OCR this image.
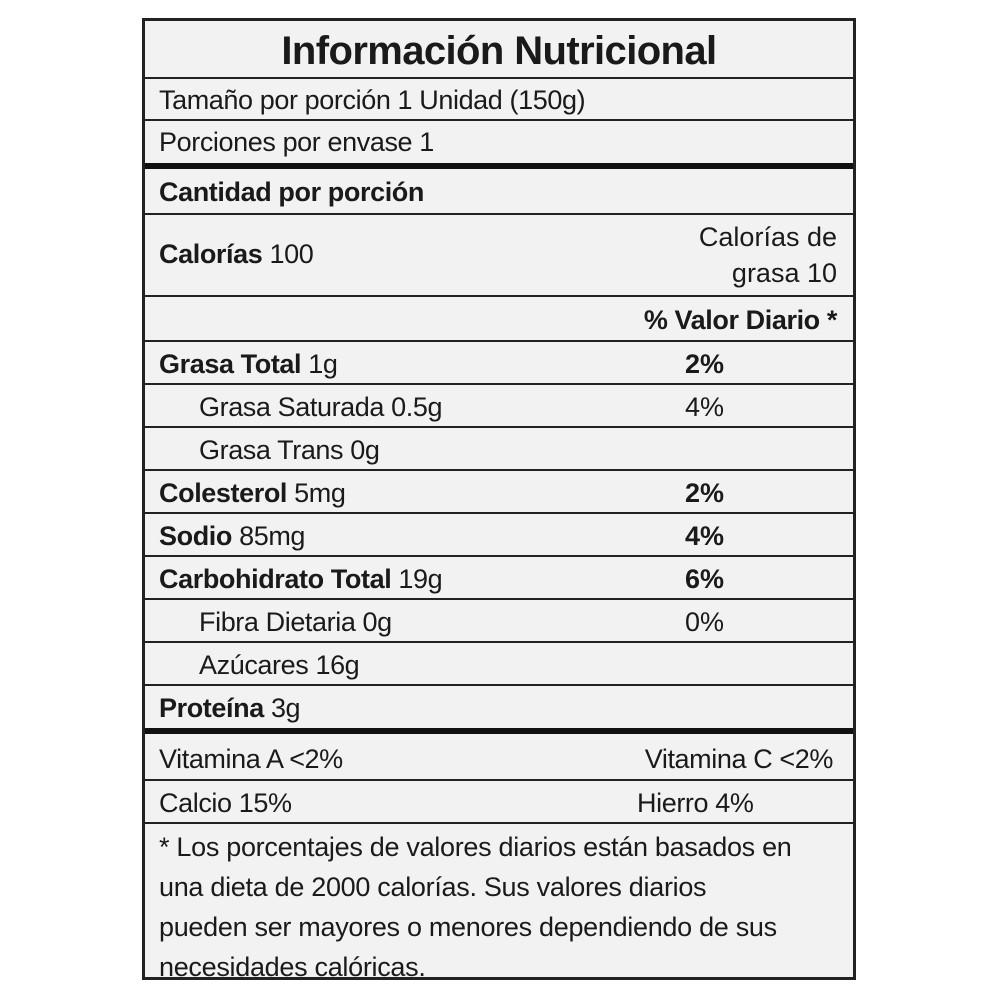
Información Nutricional
Tamaño por porción 1 Unidad (150g)
Porciones por envase 1
Cantidad por porción
Calorías 100
Calorías de
grasa 10
% Valor Diario *
Grasa Total 1g	2%
Grasa Saturada 0.5g	4%
Grasa Trans 0g
Colesterol 5mg	2%
Sodio 85mg	4%
Carbohidrato Total 19g	6%
Fibra Dietaria 0g	0%
Azúcares 16g
Proteína 3g
Vitamina A <2%	Vitamina C <2%
Calcio 15%	Hierro 4%
* Los porcentajes de valores diarios están basados en
una dieta de 2000 calorías. Sus valores diarios
pueden ser mayores o menores dependiendo de sus
necesidades calóricas.
